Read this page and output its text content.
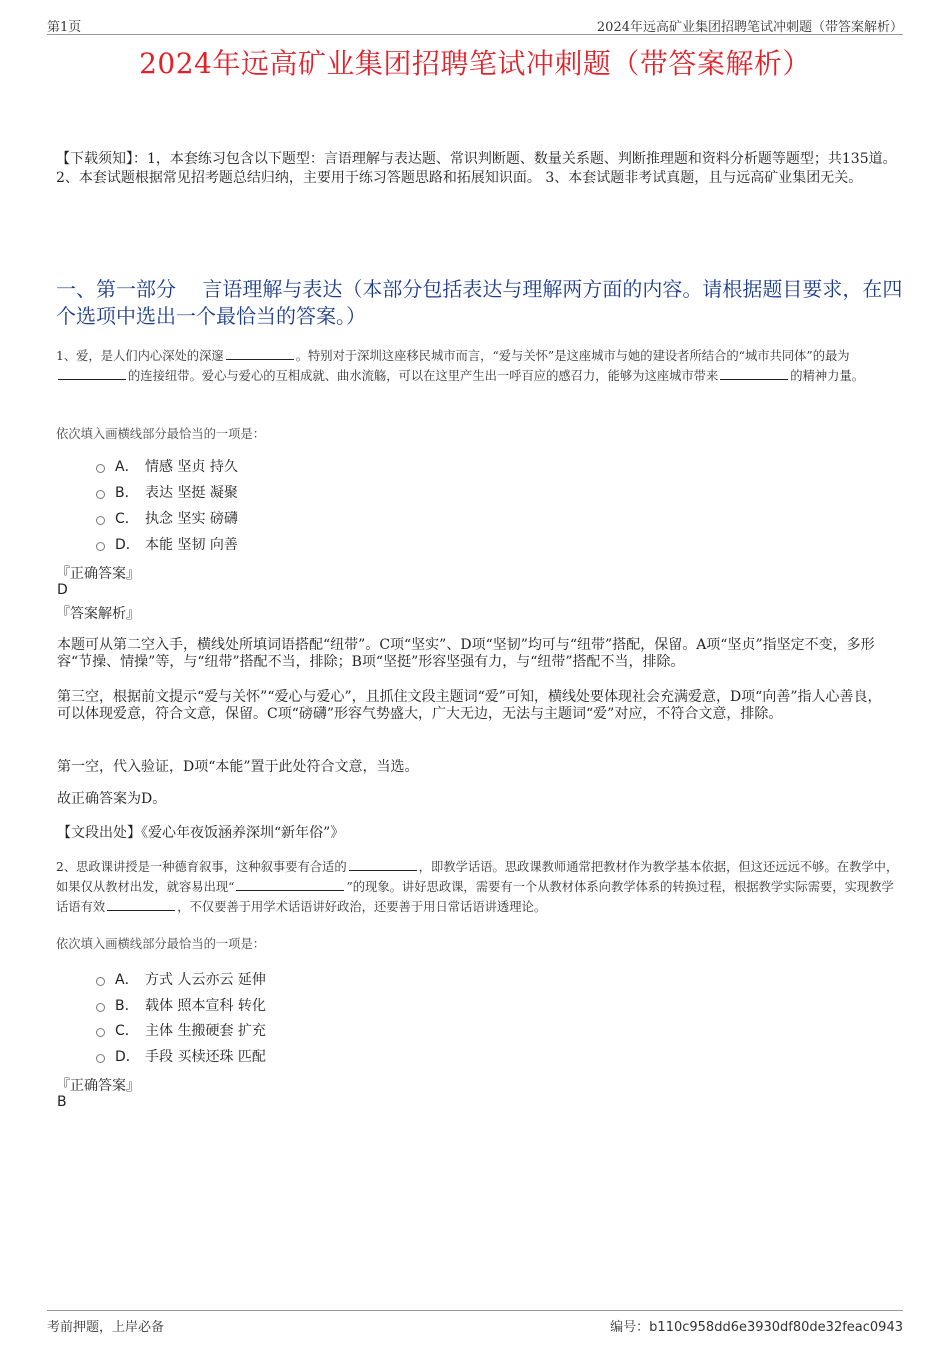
第1页	2024年远高矿业集团招聘笔试冲刺题（带答案解析）
2024年远高矿业集团招聘笔试冲刺题（带答案解析）
【下载须知】：1，本套练习包含以下题型：言语理解与表达题、常识判断题、数量关系题、判断推理题和资料分析题等题型；共135道。 2、本套试题根据常见招考题总结归纳，主要用于练习答题思路和拓展知识面。 3、本套试题非考试真题，且与远高矿业集团无关。
一、第一部分　 言语理解与表达（本部分包括表达与理解两方面的内容。请根据题目要求，在四个选项中选出一个最恰当的答案。）
1、爱，是人们内心深处的深邃	。特别对于深圳这座移民城市而言，“爱与关怀”是这座城市与她的建设者所结合的“城市共同体”的最为的连接纽带。爱心与爱心的互相成就、曲水流觞，可以在这里产生出一呼百应的感召力，能够为这座城市带来	的精神力量。
依次填入画横线部分最恰当的一项是：
A． 情感 坚贞 持久
B． 表达 坚挺 凝聚
C． 执念 坚实 磅礴
D． 本能 坚韧 向善
『正确答案』
D
『答案解析』
本题可从第二空入手，横线处所填词语搭配“纽带”。C项“坚实”、D项“坚韧”均可与“纽带”搭配，保留。A项“坚贞”指坚定不变，多形容“节操、情操”等，与“纽带”搭配不当，排除；B项“坚挺”形容坚强有力，与“纽带”搭配不当，排除。
第三空，根据前文提示“爱与关怀”“爱心与爱心”，且抓住文段主题词“爱”可知，横线处要体现社会充满爱意，D项“向善”指人心善良，可以体现爱意，符合文意，保留。C项“磅礴”形容气势盛大，广大无边，无法与主题词“爱”对应，不符合文意，排除。
第一空，代入验证，D项“本能”置于此处符合文意，当选。
故正确答案为D。
【文段出处】《爱心年夜饭涵养深圳“新年俗”》
2、思政课讲授是一种德育叙事，这种叙事要有合适的	，即教学话语。思政课教师通常把教材作为教学基本依据，但这还远远不够。在教学中，如果仅从教材出发，就容易出现“	”的现象。讲好思政课，需要有一个从教材体系向教学体系的转换过程，根据教学实际需要，实现教学话语有效	，不仅要善于用学术话语讲好政治，还要善于用日常话语讲透理论。
依次填入画横线部分最恰当的一项是：
A． 方式 人云亦云 延伸
B． 载体 照本宣科 转化
C． 主体 生搬硬套 扩充
D． 手段 买椟还珠 匹配
『正确答案』
B
考前押题，上岸必备	编号：b110c958dd6e3930df80de32feac0943
